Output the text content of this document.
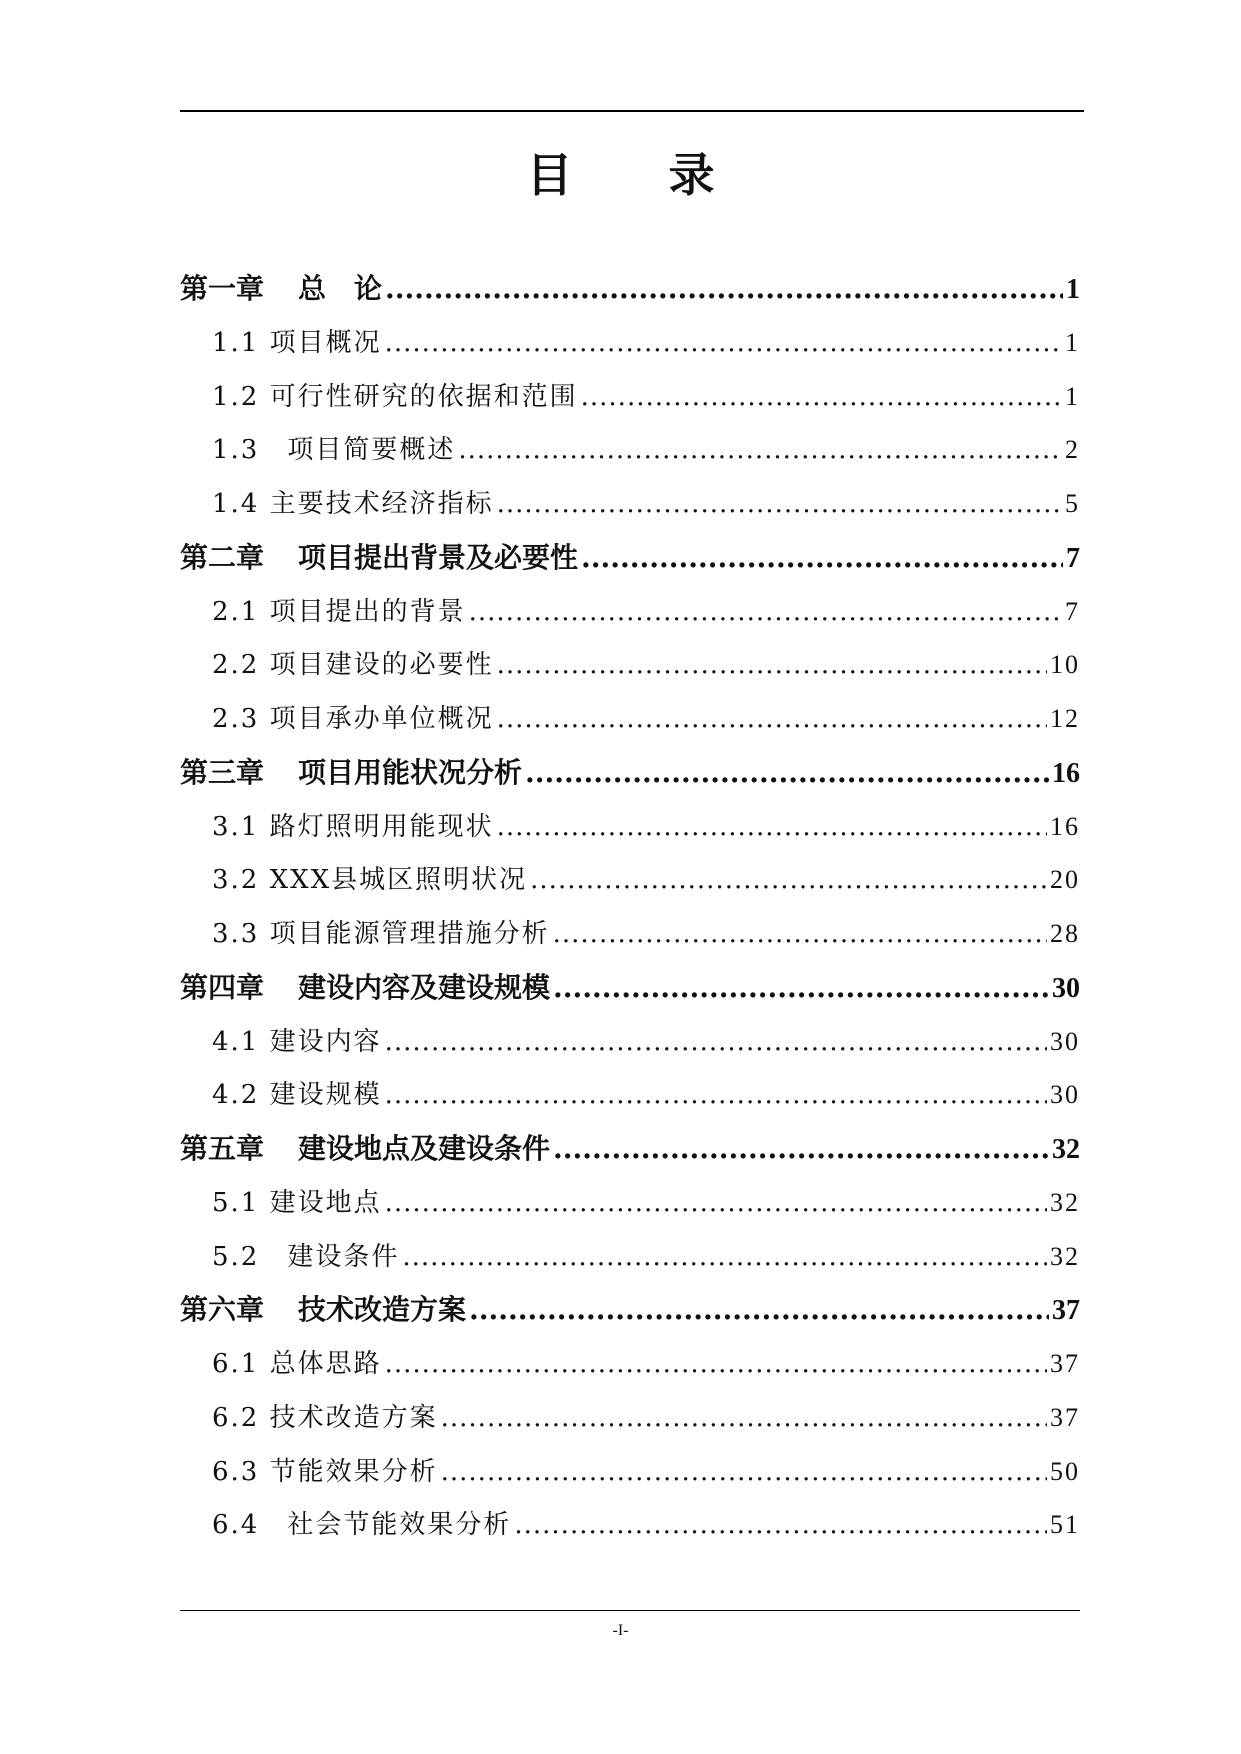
目 录
第一章 总　论 .....	1
1.1 项目概况 .....	1
1.2 可行性研究的依据和范围 .....	1
1.3　项目简要概述 .....	2
1.4 主要技术经济指标 .....	5
第二章 项目提出背景及必要性 .....	7
2.1 项目提出的背景 .....	7
2.2 项目建设的必要性 .....	10
2.3 项目承办单位概况 .....	12
第三章 项目用能状况分析 .....	16
3.1 路灯照明用能现状 .....	16
3.2 XXX县城区照明状况 .....	20
3.3 项目能源管理措施分析 .....	28
第四章 建设内容及建设规模 .....	30
4.1 建设内容 .....	30
4.2 建设规模 .....	30
第五章 建设地点及建设条件 .....	32
5.1 建设地点 .....	32
5.2　建设条件 .....	32
第六章 技术改造方案 .....	37
6.1 总体思路 .....	37
6.2 技术改造方案 .....	37
6.3 节能效果分析 .....	50
6.4　社会节能效果分析 .....	51
-I-
